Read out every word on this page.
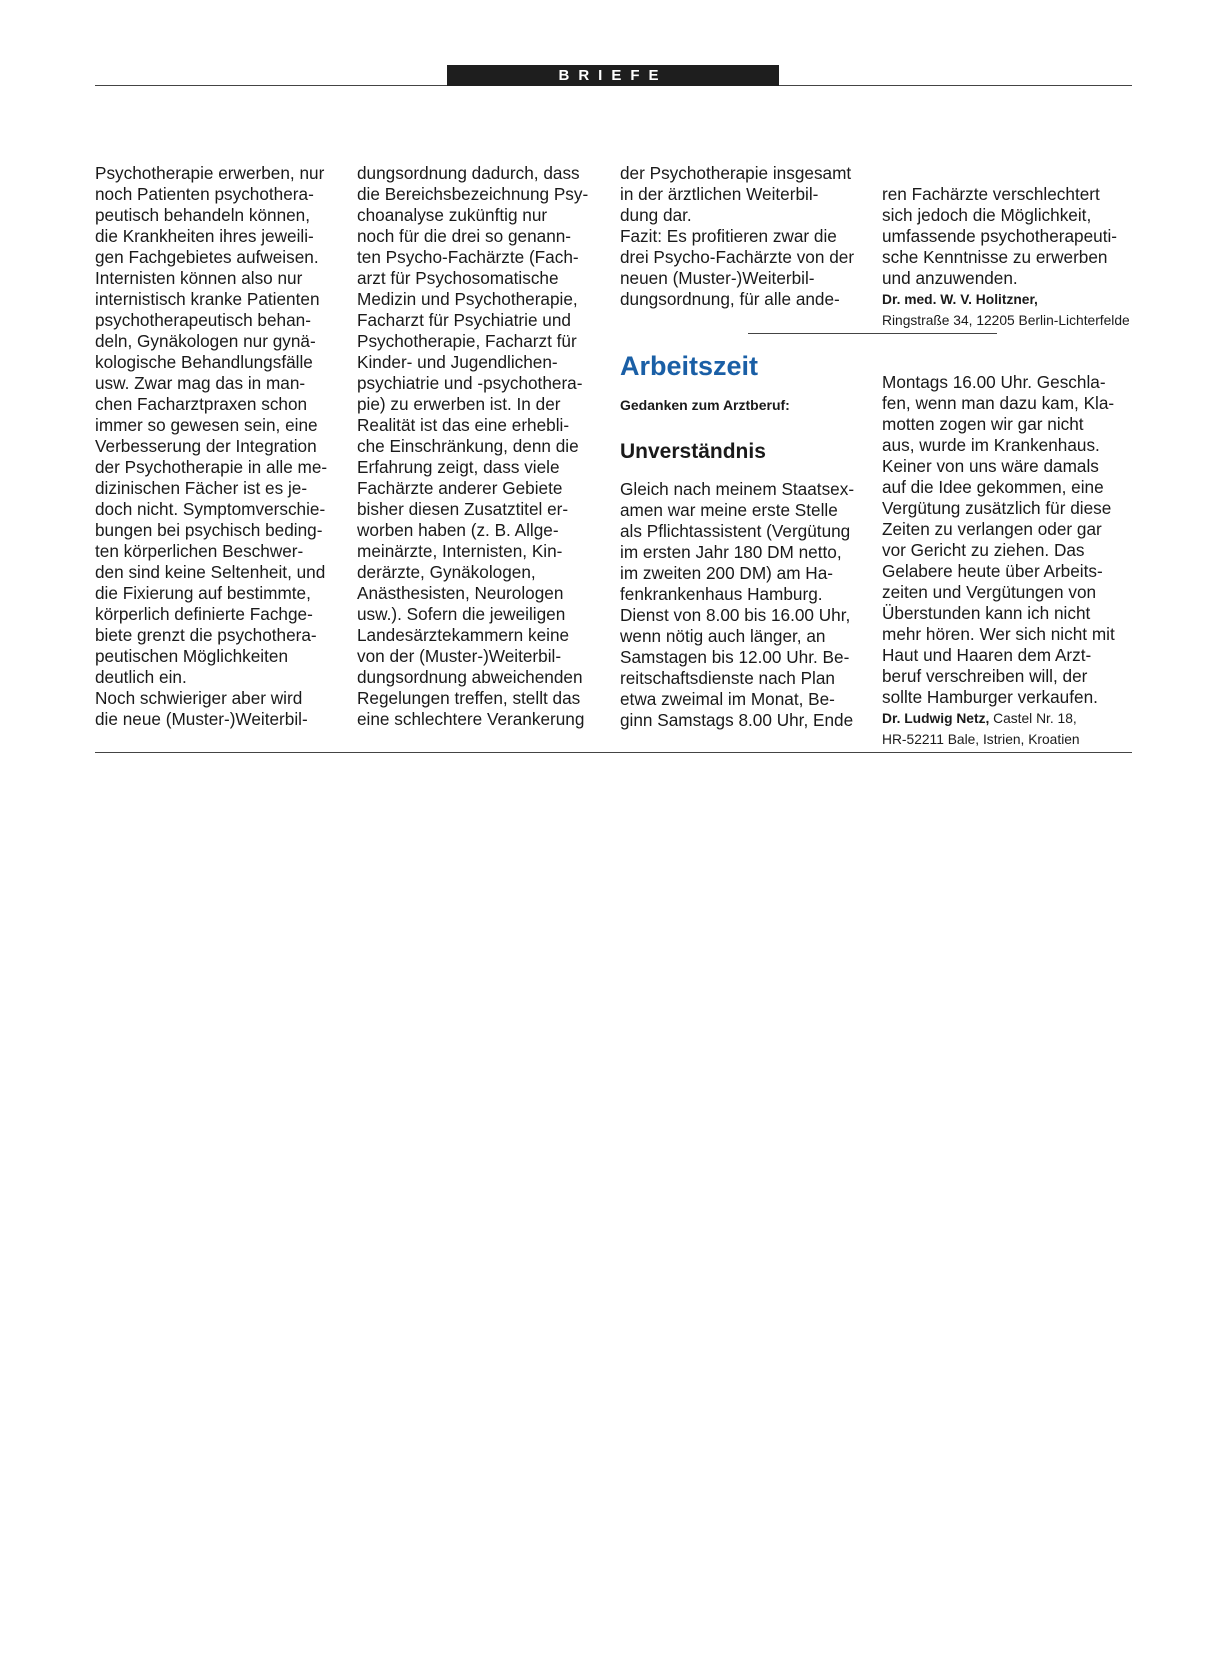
BRIEFE
Psychotherapie erwerben, nur
noch Patienten psychothera-
peutisch behandeln können,
die Krankheiten ihres jeweili-
gen Fachgebietes aufweisen.
Internisten können also nur
internistisch kranke Patienten
psychotherapeutisch behan-
deln, Gynäkologen nur gynä-
kologische Behandlungsfälle
usw. Zwar mag das in man-
chen Facharztpraxen schon
immer so gewesen sein, eine
Verbesserung der Integration
der Psychotherapie in alle me-
dizinischen Fächer ist es je-
doch nicht. Symptomverschie-
bungen bei psychisch beding-
ten körperlichen Beschwer-
den sind keine Seltenheit, und
die Fixierung auf bestimmte,
körperlich definierte Fachge-
biete grenzt die psychothera-
peutischen Möglichkeiten
deutlich ein.
Noch schwieriger aber wird
die neue (Muster-)Weiterbil-
dungsordnung dadurch, dass
die Bereichsbezeichnung Psy-
choanalyse zukünftig nur
noch für die drei so genann-
ten Psycho-Fachärzte (Fach-
arzt für Psychosomatische
Medizin und Psychotherapie,
Facharzt für Psychiatrie und
Psychotherapie, Facharzt für
Kinder- und Jugendlichen-
psychiatrie und -psychothera-
pie) zu erwerben ist. In der
Realität ist das eine erhebli-
che Einschränkung, denn die
Erfahrung zeigt, dass viele
Fachärzte anderer Gebiete
bisher diesen Zusatztitel er-
worben haben (z. B. Allge-
meinärzte, Internisten, Kin-
derärzte, Gynäkologen,
Anästhesisten, Neurologen
usw.). Sofern die jeweiligen
Landesärztekammern keine
von der (Muster-)Weiterbil-
dungsordnung abweichenden
Regelungen treffen, stellt das
eine schlechtere Verankerung
der Psychotherapie insgesamt
in der ärztlichen Weiterbil-
dung dar.
Fazit: Es profitieren zwar die
drei Psycho-Fachärzte von der
neuen (Muster-)Weiterbil-
dungsordnung, für alle ande-

ren Fachärzte verschlechtert
sich jedoch die Möglichkeit,
umfassende psychotherapeuti-
sche Kenntnisse zu erwerben
und anzuwenden.

Dr. med. W. V. Holitzner,
Ringstraße 34, 12205 Berlin-Lichterfelde

Arbeitszeit
Gedanken zum Arztberuf:
Unverständnis
Gleich nach meinem Staatsex-
amen war meine erste Stelle
als Pflichtassistent (Vergütung
im ersten Jahr 180 DM netto,
im zweiten 200 DM) am Ha-
fenkrankenhaus Hamburg.
Dienst von 8.00 bis 16.00 Uhr,
wenn nötig auch länger, an
Samstagen bis 12.00 Uhr. Be-
reitschaftsdienste nach Plan
etwa zweimal im Monat, Be-
ginn Samstags 8.00 Uhr, Ende

Montags 16.00 Uhr. Geschla-
fen, wenn man dazu kam, Kla-
motten zogen wir gar nicht
aus, wurde im Krankenhaus.
Keiner von uns wäre damals
auf die Idee gekommen, eine
Vergütung zusätzlich für diese
Zeiten zu verlangen oder gar
vor Gericht zu ziehen. Das
Gelabere heute über Arbeits-
zeiten und Vergütungen von
Überstunden kann ich nicht
mehr hören. Wer sich nicht mit
Haut und Haaren dem Arzt-
beruf verschreiben will, der
sollte Hamburger verkaufen.

Dr. Ludwig Netz, Castel Nr. 18,
HR-52211 Bale, Istrien, Kroatien
